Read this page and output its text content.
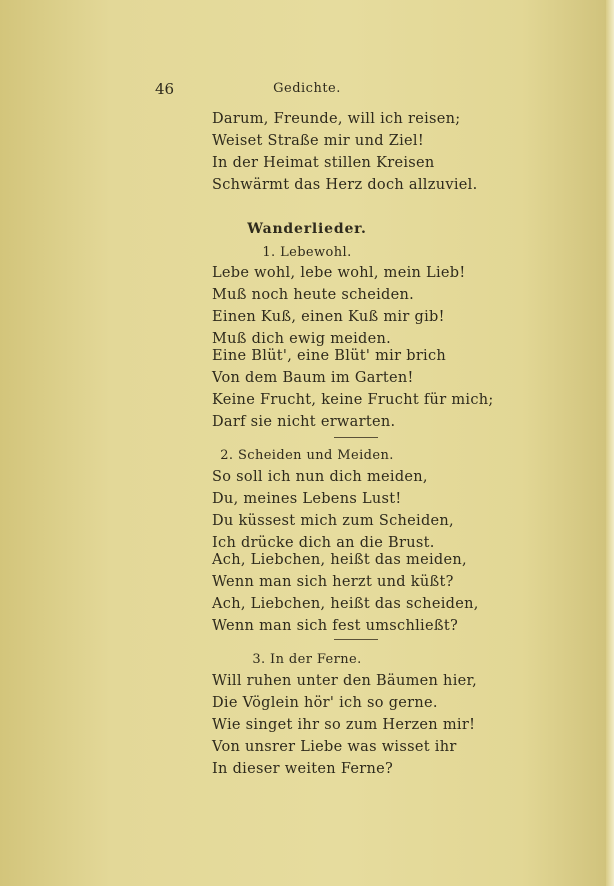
46	Gedichte.
Darum, Freunde, will ich reisen;
Weiset Straße mir und Ziel!
In der Heimat stillen Kreisen
Schwärmt das Herz doch allzuviel.
Wanderlieder.
1. Lebewohl.
Lebe wohl, lebe wohl, mein Lieb!
Muß noch heute scheiden.
Einen Kuß, einen Kuß mir gib!
Muß dich ewig meiden.
Eine Blüt', eine Blüt' mir brich
Von dem Baum im Garten!
Keine Frucht, keine Frucht für mich;
Darf sie nicht erwarten.
2. Scheiden und Meiden.
So soll ich nun dich meiden,
Du, meines Lebens Lust!
Du küssest mich zum Scheiden,
Ich drücke dich an die Brust.
Ach, Liebchen, heißt das meiden,
Wenn man sich herzt und küßt?
Ach, Liebchen, heißt das scheiden,
Wenn man sich fest umschließt?
3. In der Ferne.
Will ruhen unter den Bäumen hier,
Die Vöglein hör' ich so gerne.
Wie singet ihr so zum Herzen mir!
Von unsrer Liebe was wisset ihr
In dieser weiten Ferne?
